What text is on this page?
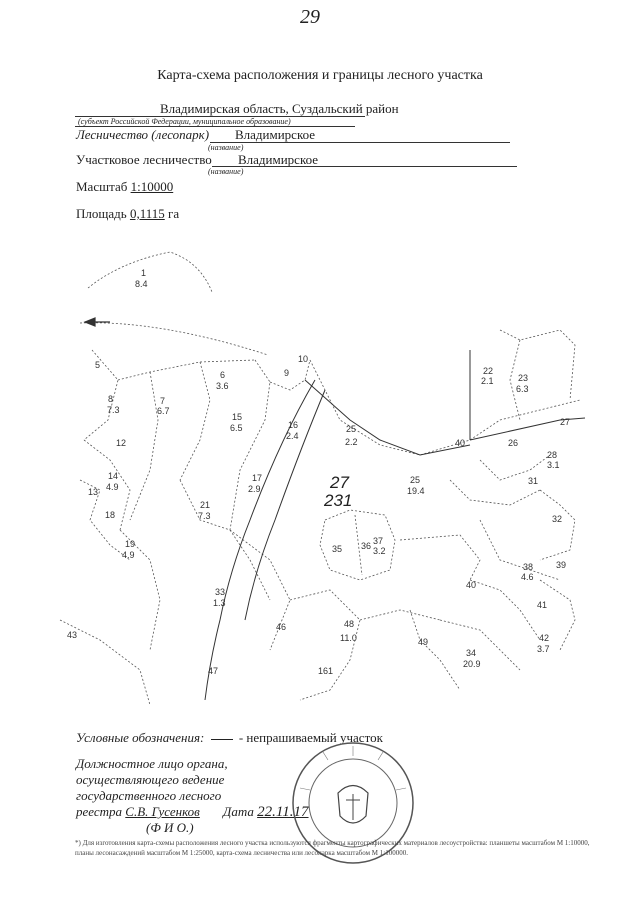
29
Карта-схема расположения и границы лесного участка
Владимирская область, Суздальский район
(субъект Российской Федерации, муниципальное образование)
Лесничество (лесопарк) Владимирское
(название)
Участковое лесничество Владимирское
(название)
Масштаб 1:10000
Площадь 0,1115 га
1
8.4
5
6
3.6
7
6.7
8
7.3
9
10
12
14
4.9
15
6.5	16
2.4
17
2.9
18
19
4.9
21
7.3
22
2.1	23
6.3
25
2.2
25
19.4
26
27
27
231
28
3.1
31
32
33
1.3
34
20.9
35 36 37
3.2
38
4.6
39
40
40
41
42
3.7
46	48
11.0	49
161
47
43
13
Условные обозначения:	- непрашиваемый участок
Должностное лицо органа,
осуществляющего ведение
государственного лесного
реестра С.В. Гусенков Дата 22.11.17
(Ф И О.)
*) Для изготовления карта-схемы расположения лесного участка используются фрагменты картографических материалов лесоустройства: планшеты масштабом М 1:10000, планы лесонасаждений масштабом М 1:25000, карта-схема лесничества или лесопарка масштабом М 1:100000.
